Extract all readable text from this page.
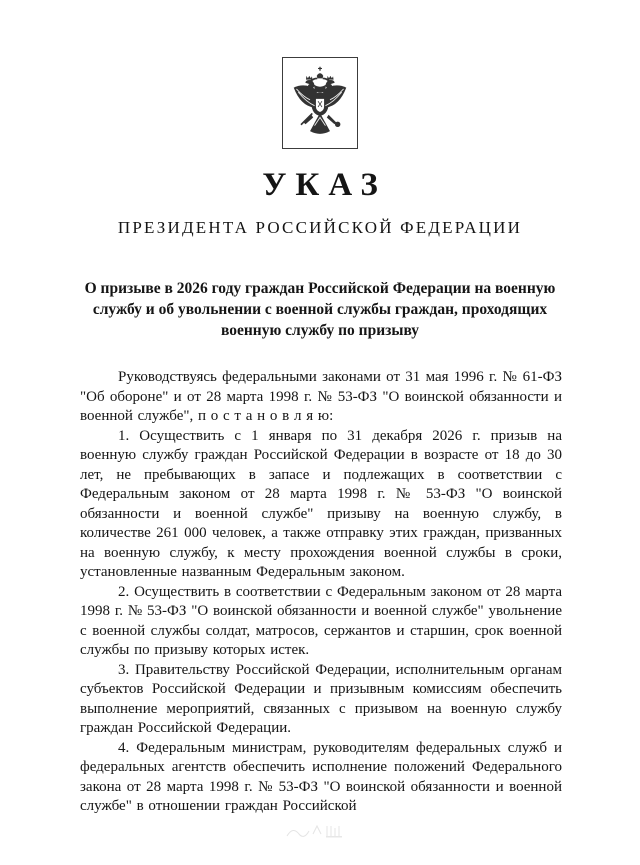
УКАЗ
ПРЕЗИДЕНТА РОССИЙСКОЙ ФЕДЕРАЦИИ

О призыве в 2026 году граждан Российской Федерации на военную службу и об увольнении с военной службы граждан, проходящих военную службу по призыву

Руководствуясь федеральными законами от 31 мая 1996 г. № 61-ФЗ "Об обороне" и от 28 марта 1998 г. № 53-ФЗ "О воинской обязанности и военной службе", п о с т а н о в л я ю:

1. Осуществить с 1 января по 31 декабря 2026 г. призыв на военную службу граждан Российской Федерации в возрасте от 18 до 30 лет, не пребывающих в запасе и подлежащих в соответствии с Федеральным законом от 28 марта 1998 г. № 53-ФЗ "О воинской обязанности и военной службе" призыву на военную службу, в количестве 261 000 человек, а также отправку этих граждан, призванных на военную службу, к месту прохождения военной службы в сроки, установленные названным Федеральным законом.

2. Осуществить в соответствии с Федеральным законом от 28 марта 1998 г. № 53-ФЗ "О воинской обязанности и военной службе" увольнение с военной службы солдат, матросов, сержантов и старшин, срок военной службы по призыву которых истек.

3. Правительству Российской Федерации, исполнительным органам субъектов Российской Федерации и призывным комиссиям обеспечить выполнение мероприятий, связанных с призывом на военную службу граждан Российской Федерации.

4. Федеральным министрам, руководителям федеральных служб и федеральных агентств обеспечить исполнение положений Федерального закона от 28 марта 1998 г. № 53-ФЗ "О воинской обязанности и военной службе" в отношении граждан Российской
